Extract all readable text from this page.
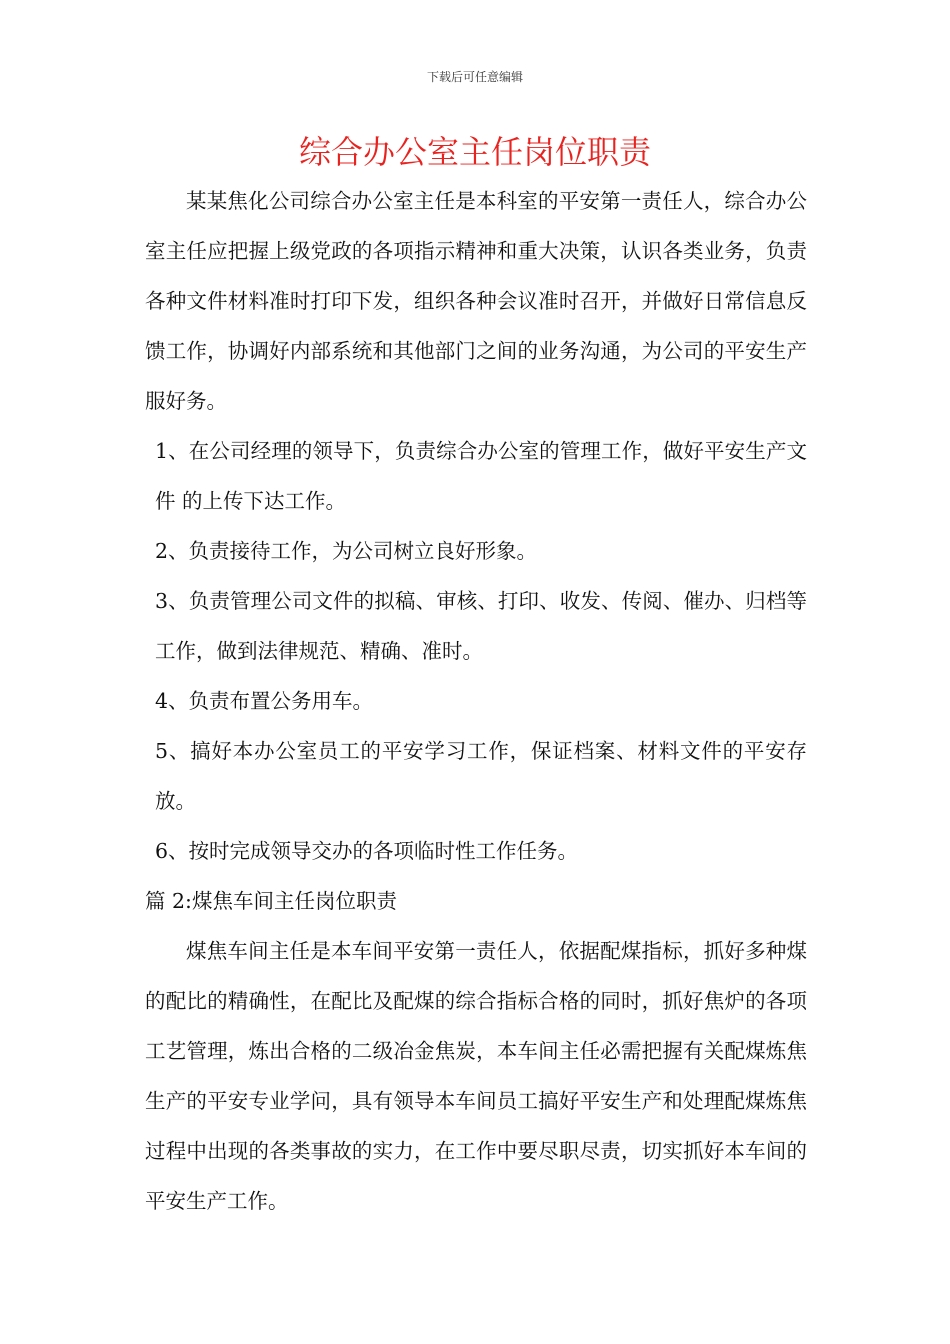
下载后可任意编辑
综合办公室主任岗位职责

某某焦化公司综合办公室主任是本科室的平安第一责任人，综合办公室主任应把握上级党政的各项指示精神和重大决策，认识各类业务，负责各种文件材料准时打印下发，组织各种会议准时召开，并做好日常信息反馈工作，协调好内部系统和其他部门之间的业务沟通，为公司的平安生产服好务。

1、在公司经理的领导下，负责综合办公室的管理工作，做好平安生产文件 的上传下达工作。

2、负责接待工作，为公司树立良好形象。

3、负责管理公司文件的拟稿、审核、打印、收发、传阅、催办、归档等工作，做到法律规范、精确、准时。

4、负责布置公务用车。

5、搞好本办公室员工的平安学习工作，保证档案、材料文件的平安存放。

6、按时完成领导交办的各项临时性工作任务。

篇 2:煤焦车间主任岗位职责

煤焦车间主任是本车间平安第一责任人，依据配煤指标，抓好多种煤的配比的精确性，在配比及配煤的综合指标合格的同时，抓好焦炉的各项工艺管理，炼出合格的二级冶金焦炭，本车间主任必需把握有关配煤炼焦生产的平安专业学问，具有领导本车间员工搞好平安生产和处理配煤炼焦过程中出现的各类事故的实力，在工作中要尽职尽责，切实抓好本车间的平安生产工作。
